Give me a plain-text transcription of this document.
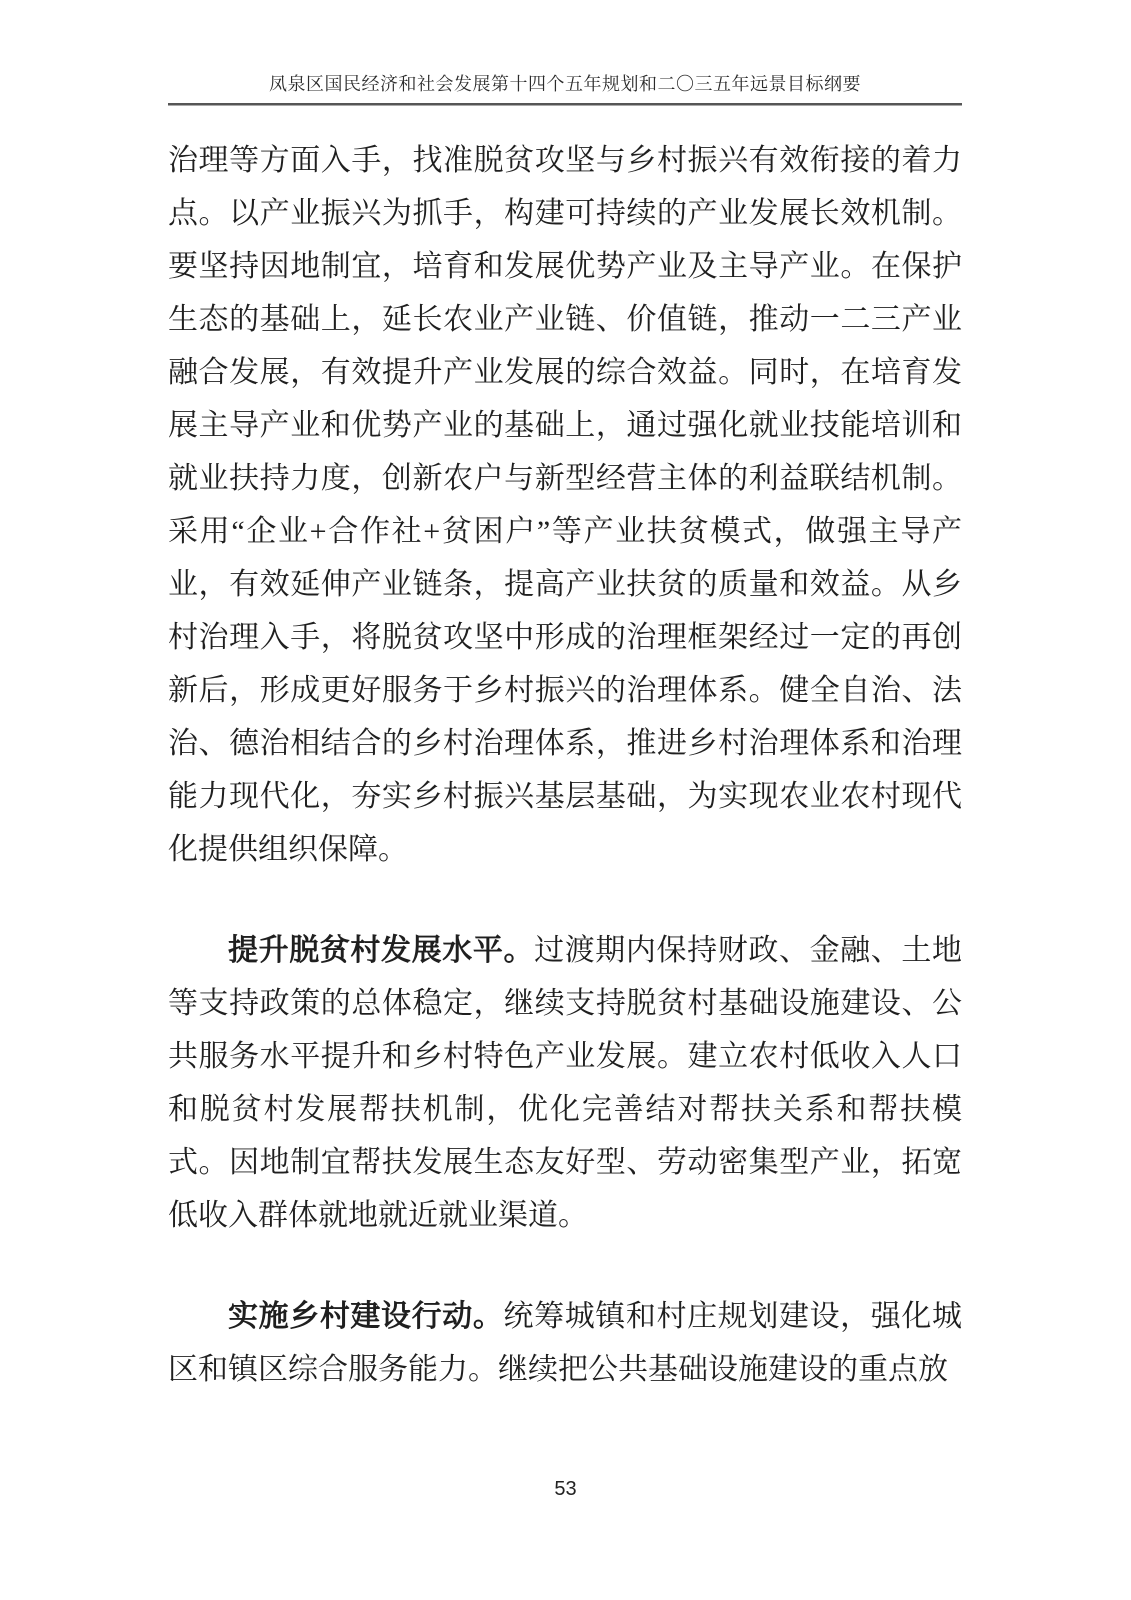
凤泉区国民经济和社会发展第十四个五年规划和二〇三五年远景目标纲要

治理等方面入手，找准脱贫攻坚与乡村振兴有效衔接的着力点。以产业振兴为抓手，构建可持续的产业发展长效机制。要坚持因地制宜，培育和发展优势产业及主导产业。在保护生态的基础上，延长农业产业链、价值链，推动一二三产业融合发展，有效提升产业发展的综合效益。同时，在培育发展主导产业和优势产业的基础上，通过强化就业技能培训和就业扶持力度，创新农户与新型经营主体的利益联结机制。采用“企业+合作社+贫困户”等产业扶贫模式，做强主导产业，有效延伸产业链条，提高产业扶贫的质量和效益。从乡村治理入手，将脱贫攻坚中形成的治理框架经过一定的再创新后，形成更好服务于乡村振兴的治理体系。健全自治、法治、德治相结合的乡村治理体系，推进乡村治理体系和治理能力现代化，夯实乡村振兴基层基础，为实现农业农村现代化提供组织保障。

提升脱贫村发展水平。过渡期内保持财政、金融、土地等支持政策的总体稳定，继续支持脱贫村基础设施建设、公共服务水平提升和乡村特色产业发展。建立农村低收入人口和脱贫村发展帮扶机制，优化完善结对帮扶关系和帮扶模式。因地制宜帮扶发展生态友好型、劳动密集型产业，拓宽低收入群体就地就近就业渠道。

实施乡村建设行动。统筹城镇和村庄规划建设，强化城区和镇区综合服务能力。继续把公共基础设施建设的重点放

53
